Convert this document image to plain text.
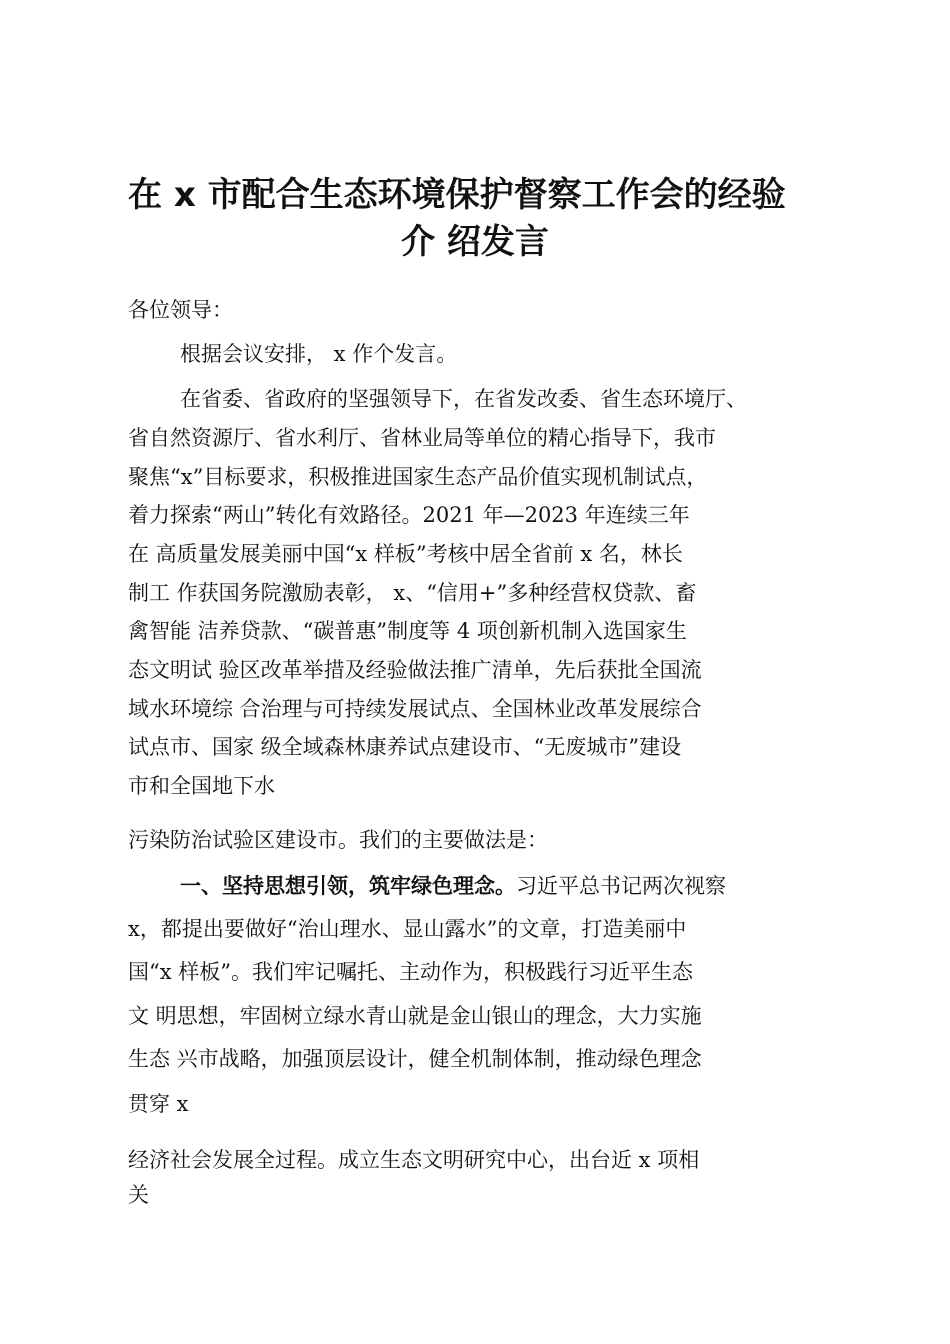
在 x 市配合生态环境保护督察工作会的经验
介 绍发言
各位领导：
根据会议安排， x 作个发言。
在省委、省政府的坚强领导下，在省发改委、省生态环境厅、
省自然资源厅、省水利厅、省林业局等单位的精心指导下，我市
聚焦“x”目标要求，积极推进国家生态产品价值实现机制试点，
着力探索“两山”转化有效路径。2021 年—2023 年连续三年
在 高质量发展美丽中国“x 样板”考核中居全省前 x 名，林长
制工 作获国务院激励表彰， x、“信用+”多种经营权贷款、畜
禽智能 洁养贷款、“碳普惠”制度等 4 项创新机制入选国家生
态文明试 验区改革举措及经验做法推广清单，先后获批全国流
域水环境综 合治理与可持续发展试点、全国林业改革发展综合
试点市、国家 级全域森林康养试点建设市、“无废城市”建设
市和全国地下水
污染防治试验区建设市。我们的主要做法是：
一、坚持思想引领，筑牢绿色理念。习近平总书记两次视察
x，都提出要做好“治山理水、显山露水”的文章，打造美丽中
国“x 样板”。我们牢记嘱托、主动作为，积极践行习近平生态
文 明思想，牢固树立绿水青山就是金山银山的理念，大力实施
生态 兴市战略，加强顶层设计，健全机制体制，推动绿色理念
贯穿 x
经济社会发展全过程。成立生态文明研究中心，出台近 x 项相
关
